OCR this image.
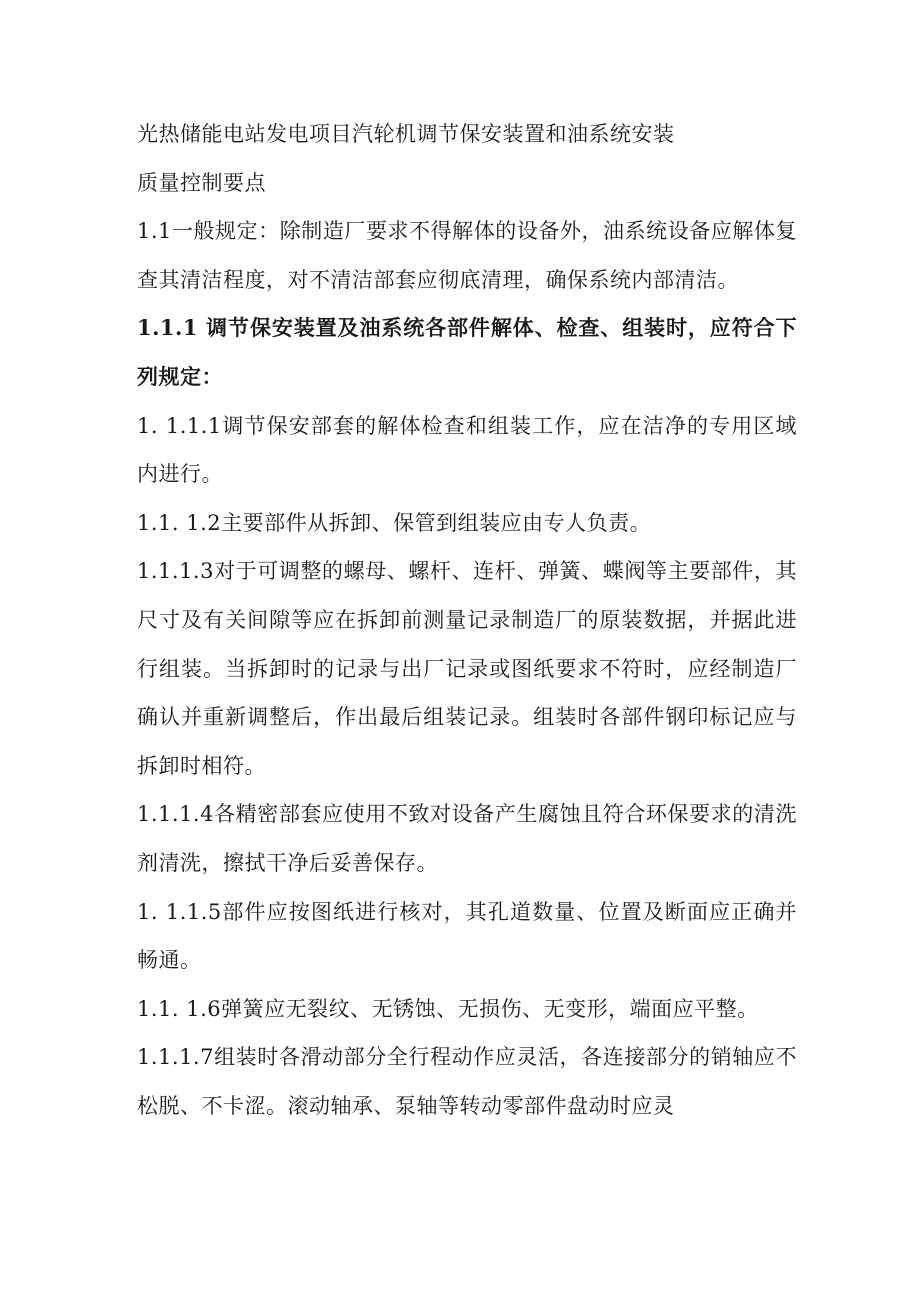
光热储能电站发电项目汽轮机调节保安装置和油系统安装

质量控制要点

1.1一般规定：除制造厂要求不得解体的设备外，油系统设备应解体复查其清洁程度，对不清洁部套应彻底清理，确保系统内部清洁。

1.1.1 调节保安装置及油系统各部件解体、检查、组装时，应符合下列规定：

1. 1.1.1调节保安部套的解体检查和组装工作，应在洁净的专用区域内进行。

1.1. 1.2主要部件从拆卸、保管到组装应由专人负责。

1.1.1.3对于可调整的螺母、螺杆、连杆、弹簧、蝶阀等主要部件，其尺寸及有关间隙等应在拆卸前测量记录制造厂的原装数据，并据此进行组装。当拆卸时的记录与出厂记录或图纸要求不符时，应经制造厂确认并重新调整后，作出最后组装记录。组装时各部件钢印标记应与拆卸时相符。

1.1.1.4各精密部套应使用不致对设备产生腐蚀且符合环保要求的清洗剂清洗，擦拭干净后妥善保存。

1. 1.1.5部件应按图纸进行核对，其孔道数量、位置及断面应正确并畅通。

1.1. 1.6弹簧应无裂纹、无锈蚀、无损伤、无变形，端面应平整。

1.1.1.7组装时各滑动部分全行程动作应灵活，各连接部分的销轴应不松脱、不卡涩。滚动轴承、泵轴等转动零部件盘动时应灵
